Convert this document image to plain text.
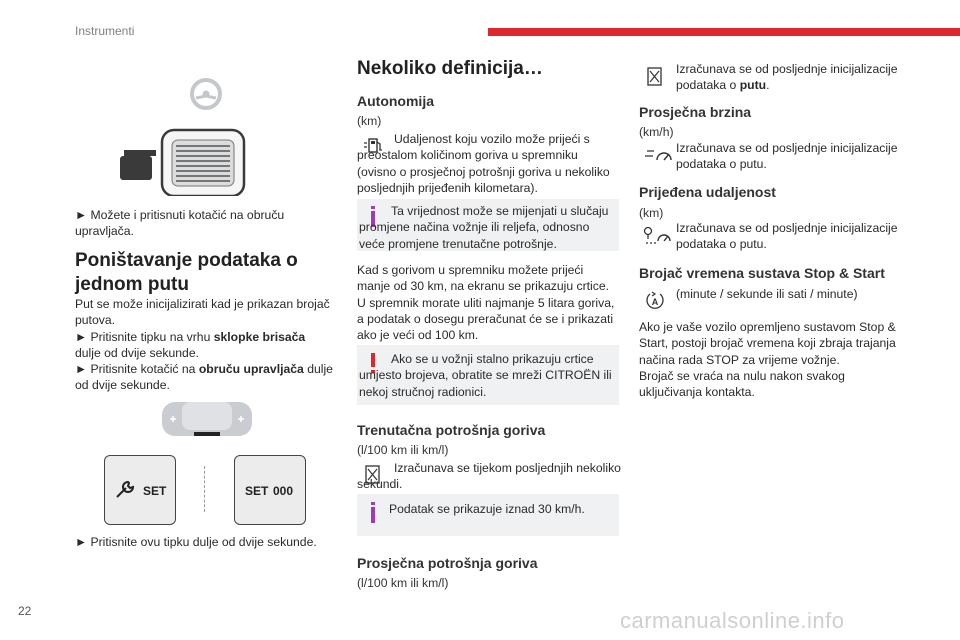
Instrumenti

► Možete i pritisnuti kotačić na obruču upravljača.

Poništavanje podataka o jednom putu

Put se može inicijalizirati kad je prikazan brojač putova.

► Pritisnite tipku na vrhu sklopke brisača dulje od dvije sekunde.

► Pritisnite kotačić na obruču upravljača dulje od dvije sekunde.

SET	SET 000

► Pritisnite ovu tipku dulje od dvije sekunde.

Nekoliko definicija…
Autonomija
(km)

Udaljenost koju vozilo može prijeći s preostalom količinom goriva u spremniku (ovisno o prosječnoj potrošnji goriva u nekoliko posljednjih prijeđenih kilometara).

Ta vrijednost može se mijenjati u slučaju promjene načina vožnje ili reljefa, odnosno veće promjene trenutačne potrošnje.

Kad s gorivom u spremniku možete prijeći manje od 30 km, na ekranu se prikazuju crtice.

U spremnik morate uliti najmanje 5 litara goriva, a podatak o dosegu preračunat će se i prikazati ako je veći od 100 km.

Ako se u vožnji stalno prikazuju crtice umjesto brojeva, obratite se mreži CITROËN ili nekoj stručnoj radionici.

Trenutačna potrošnja goriva
(l/100 km ili km/l)

Izračunava se tijekom posljednjih nekoliko sekundi.

Podatak se prikazuje iznad 30 km/h.

Prosječna potrošnja goriva
(l/100 km ili km/l)

Izračunava se od posljednje inicijalizacije podataka o putu.

Prosječna brzina
(km/h)

Izračunava se od posljednje inicijalizacije podataka o putu.

Prijeđena udaljenost
(km)

Izračunava se od posljednje inicijalizacije podataka o putu.

Brojač vremena sustava Stop & Start
A

(minute / sekunde ili sati / minute)

Ako je vaše vozilo opremljeno sustavom Stop & Start, postoji brojač vremena koji zbraja trajanja načina rada STOP za vrijeme vožnje.

Brojač se vraća na nulu nakon svakog uključivanja kontakta.

22	carmanualsonline.info
